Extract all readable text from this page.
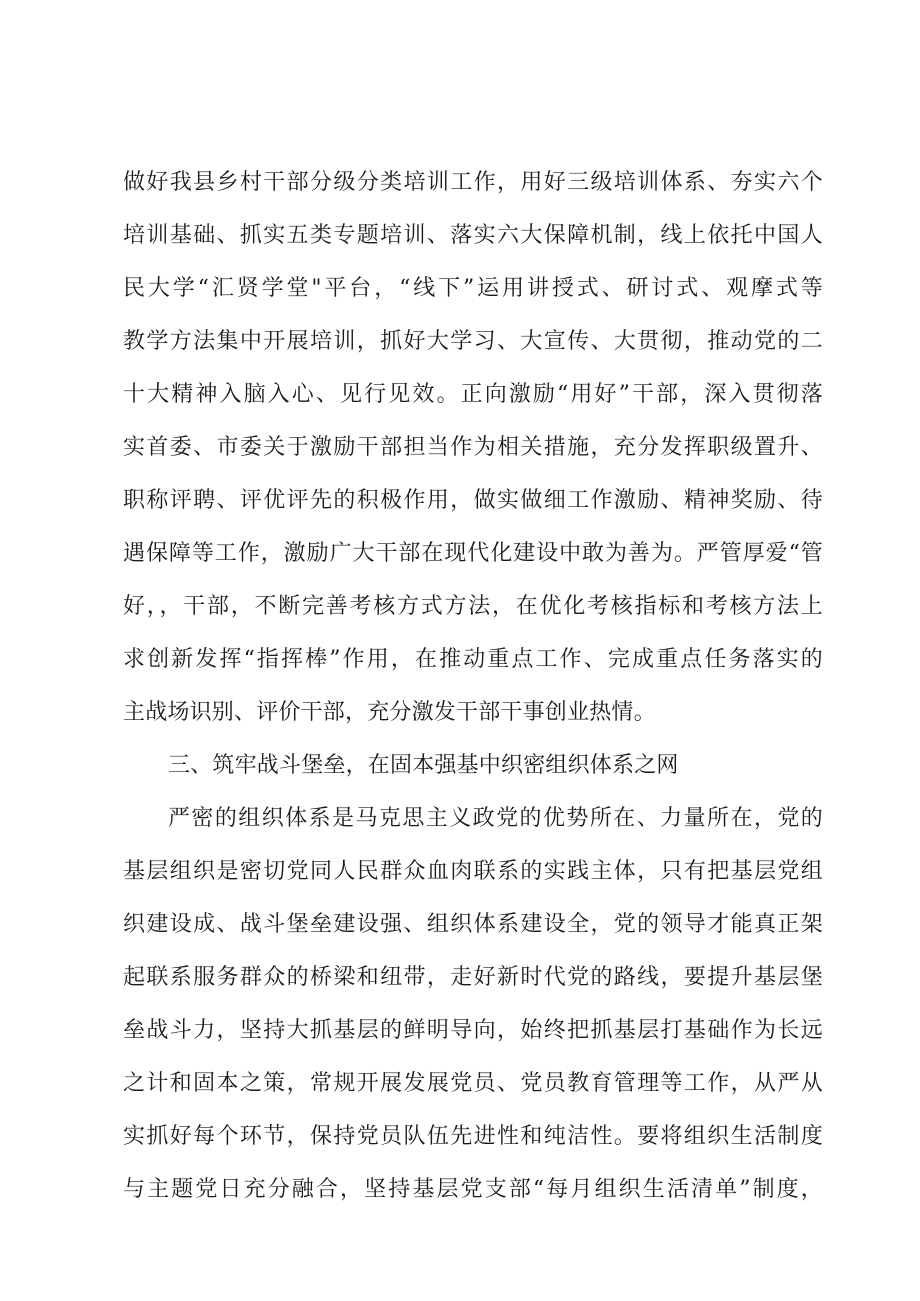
做好我县乡村干部分级分类培训工作，用好三级培训体系、夯实六个
培训基础、抓实五类专题培训、落实六大保障机制，线上依托中国人
民大学“汇贤学堂"平台，“线下”运用讲授式、研讨式、观摩式等
教学方法集中开展培训，抓好大学习、大宣传、大贯彻，推动党的二
十大精神入脑入心、见行见效。正向激励“用好”干部，深入贯彻落
实首委、市委关于激励干部担当作为相关措施，充分发挥职级置升、
职称评聘、评优评先的积极作用，做实做细工作激励、精神奖励、待
遇保障等工作，激励广大干部在现代化建设中敢为善为。严管厚爱“管
好，，干部，不断完善考核方式方法，在优化考核指标和考核方法上
求创新发挥“指挥棒”作用，在推动重点工作、完成重点任务落实的
主战场识别、评价干部，充分激发干部干事创业热情。
三、筑牢战斗堡垒，在固本强基中织密组织体系之网
严密的组织体系是马克思主义政党的优势所在、力量所在，党的
基层组织是密切党同人民群众血肉联系的实践主体，只有把基层党组
织建设成、战斗堡垒建设强、组织体系建设全，党的领导才能真正架
起联系服务群众的桥梁和纽带，走好新时代党的路线，要提升基层堡
垒战斗力，坚持大抓基层的鲜明导向，始终把抓基层打基础作为长远
之计和固本之策，常规开展发展党员、党员教育管理等工作，从严从
实抓好每个环节，保持党员队伍先进性和纯洁性。要将组织生活制度
与主题党日充分融合，坚持基层党支部“每月组织生活清单”制度，
